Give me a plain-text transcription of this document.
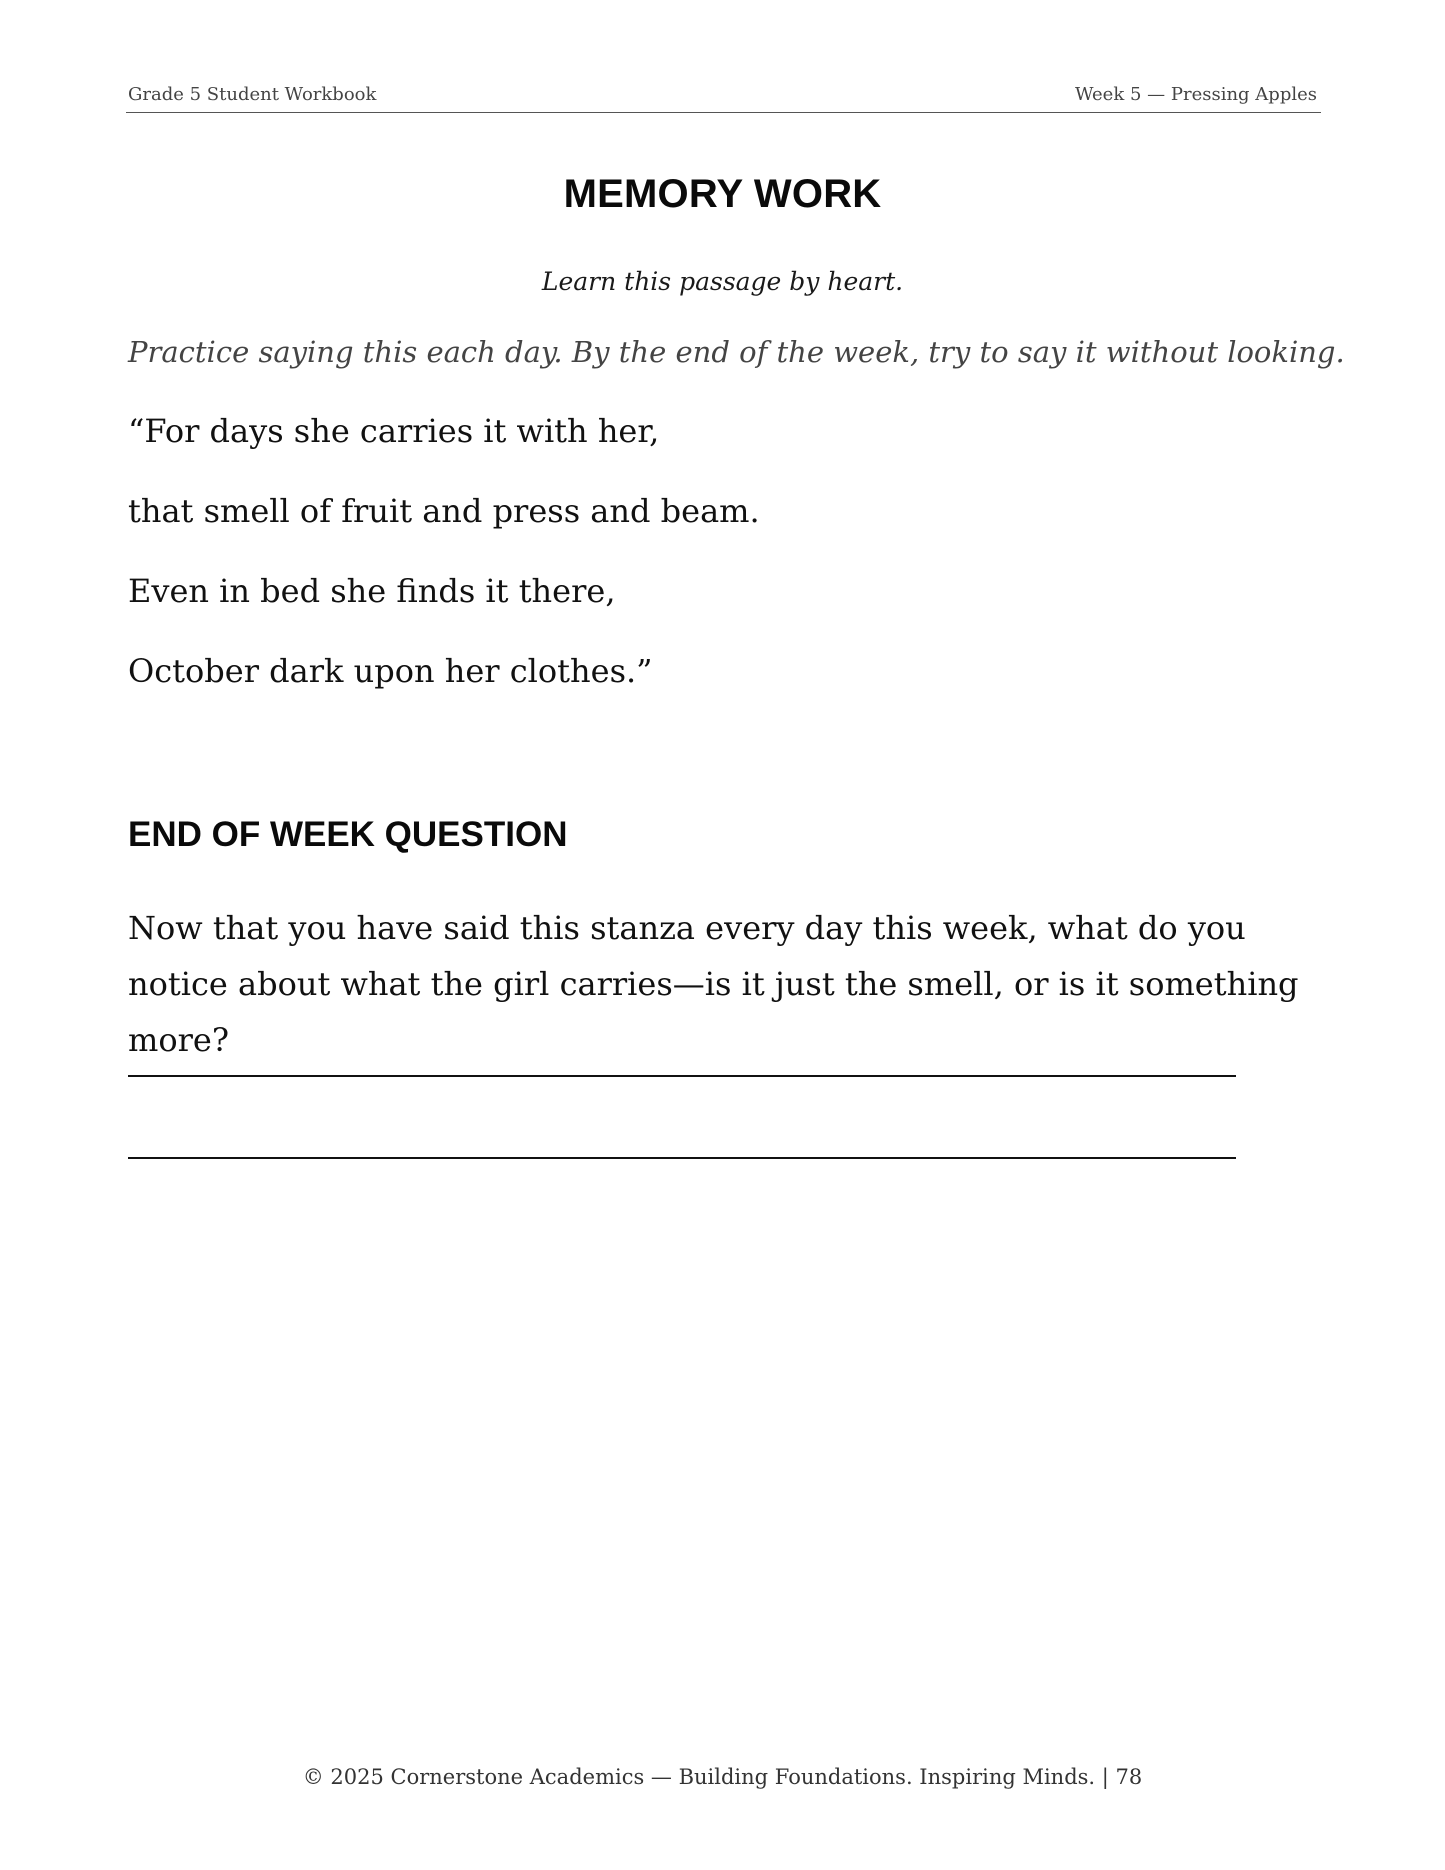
Grade 5 Student Workbook	Week 5 — Pressing Apples
MEMORY WORK
Learn this passage by heart.
Practice saying this each day. By the end of the week, try to say it without looking.
“For days she carries it with her,
that smell of fruit and press and beam.
Even in bed she finds it there,
October dark upon her clothes.”
END OF WEEK QUESTION
Now that you have said this stanza every day this week, what do you notice about what the girl carries—is it just the smell, or is it something more?
© 2025 Cornerstone Academics — Building Foundations. Inspiring Minds. | 78
